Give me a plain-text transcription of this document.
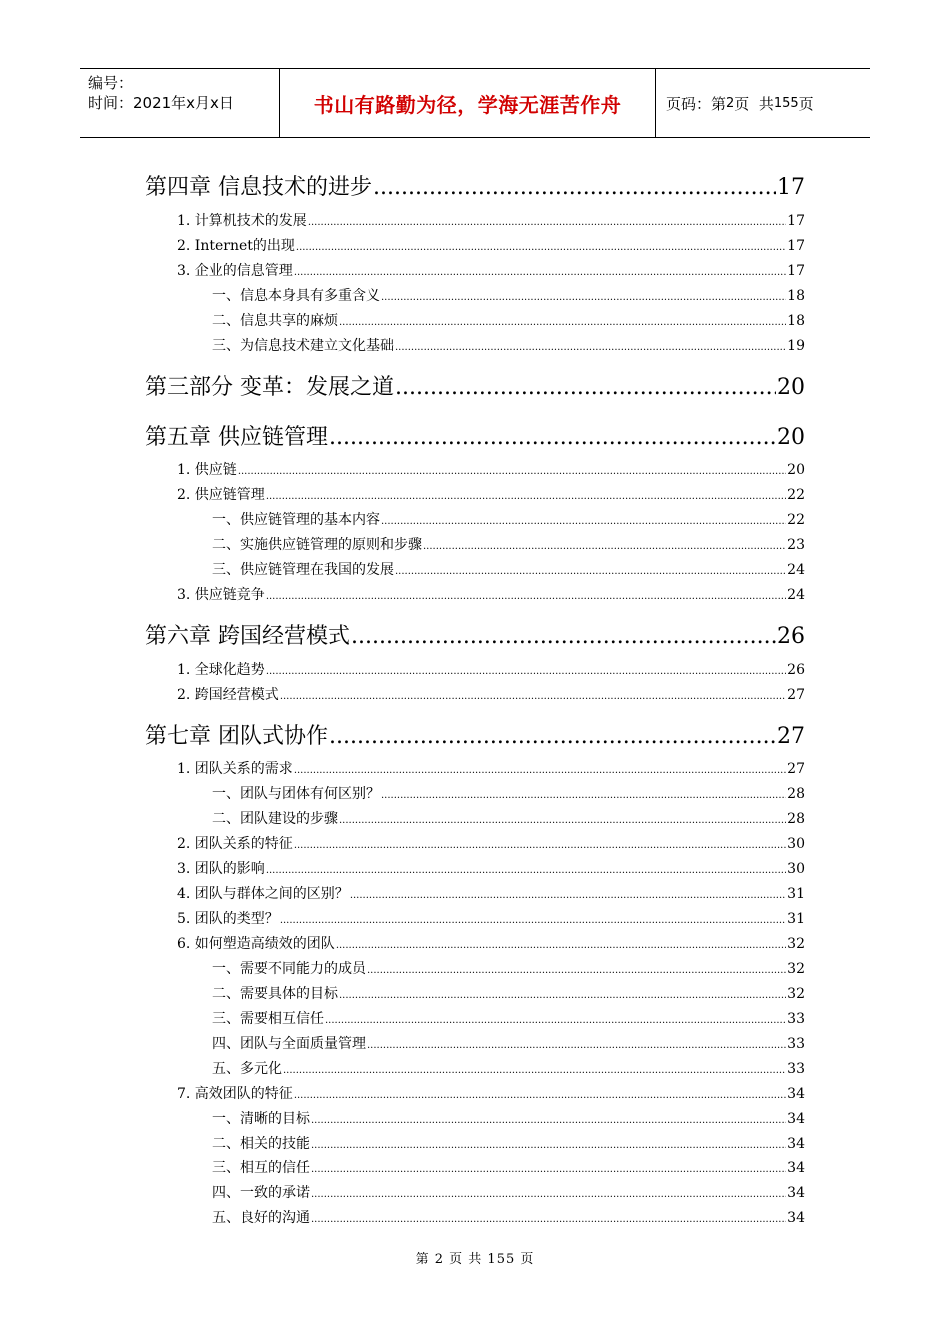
编号：
时间：2021年x月x日	书山有路勤为径，学海无涯苦作舟	页码：第 2 页  共 155 页
第四章 信息技术的进步 .....	17
1. 计算机技术的发展 .....	17
2. Internet的出现 .....	17
3. 企业的信息管理 .....	17
一、信息本身具有多重含义 .....	18
二、信息共享的麻烦 .....	18
三、为信息技术建立文化基础 .....	19
第三部分 变革：发展之道 .....	20
第五章 供应链管理 .....	20
1. 供应链 .....	20
2. 供应链管理 .....	22
一、供应链管理的基本内容 .....	22
二、实施供应链管理的原则和步骤 .....	23
三、供应链管理在我国的发展 .....	24
3. 供应链竞争 .....	24
第六章 跨国经营模式 .....	26
1. 全球化趋势 .....	26
2. 跨国经营模式 .....	27
第七章 团队式协作 .....	27
1. 团队关系的需求 .....	27
一、团队与团体有何区别？ .....	28
二、团队建设的步骤 .....	28
2. 团队关系的特征 .....	30
3. 团队的影响 .....	30
4. 团队与群体之间的区别？ .....	31
5. 团队的类型？ .....	31
6. 如何塑造高绩效的团队 .....	32
一、需要不同能力的成员 .....	32
二、需要具体的目标 .....	32
三、需要相互信任 .....	33
四、团队与全面质量管理 .....	33
五、多元化 .....	33
7. 高效团队的特征 .....	34
一、清晰的目标 .....	34
二、相关的技能 .....	34
三、相互的信任 .....	34
四、一致的承诺 .....	34
五、良好的沟通 .....	34
第 2 页 共 155 页
